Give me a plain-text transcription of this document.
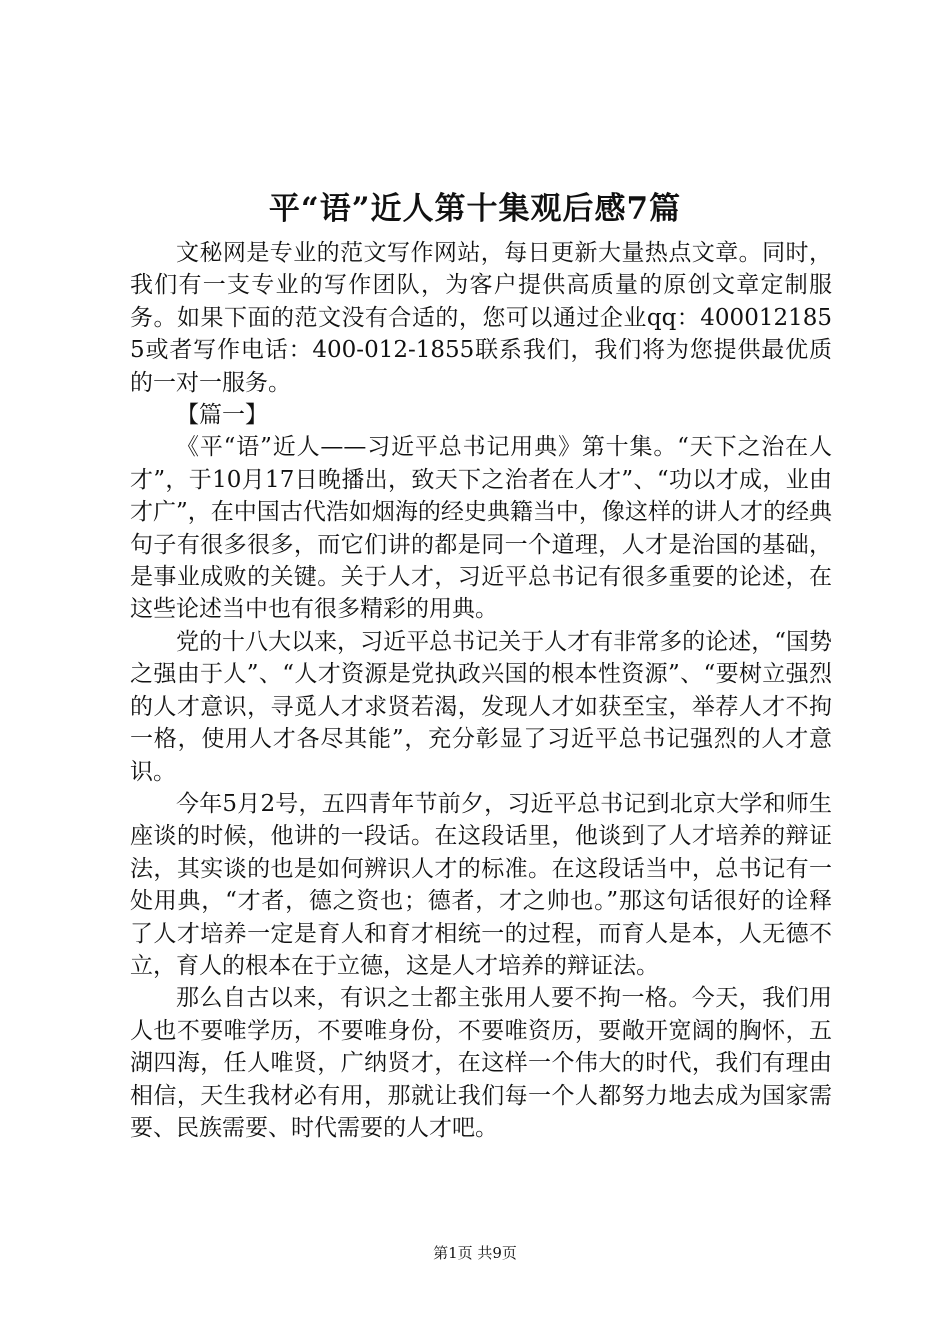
平“语”近人第十集观后感7篇

文秘网是专业的范文写作网站，每日更新大量热点文章。同时，我们有一支专业的写作团队，为客户提供高质量的原创文章定制服务。如果下面的范文没有合适的，您可以通过企业qq：4000121855或者写作电话：400-012-1855联系我们，我们将为您提供最优质的一对一服务。

【篇一】

《平“语”近人——习近平总书记用典》第十集。“天下之治在人才”，于10月17日晚播出，致天下之治者在人才”、“功以才成，业由才广”，在中国古代浩如烟海的经史典籍当中，像这样的讲人才的经典句子有很多很多，而它们讲的都是同一个道理，人才是治国的基础，是事业成败的关键。关于人才，习近平总书记有很多重要的论述，在这些论述当中也有很多精彩的用典。

党的十八大以来，习近平总书记关于人才有非常多的论述，“国势之强由于人”、“人才资源是党执政兴国的根本性资源”、“要树立强烈的人才意识，寻觅人才求贤若渴，发现人才如获至宝，举荐人才不拘一格，使用人才各尽其能”，充分彰显了习近平总书记强烈的人才意识。

今年5月2号，五四青年节前夕，习近平总书记到北京大学和师生座谈的时候，他讲的一段话。在这段话里，他谈到了人才培养的辩证法，其实谈的也是如何辨识人才的标准。在这段话当中，总书记有一处用典，“才者，德之资也；德者，才之帅也。”那这句话很好的诠释了人才培养一定是育人和育才相统一的过程，而育人是本，人无德不立，育人的根本在于立德，这是人才培养的辩证法。

那么自古以来，有识之士都主张用人要不拘一格。今天，我们用人也不要唯学历，不要唯身份，不要唯资历，要敞开宽阔的胸怀，五湖四海，任人唯贤，广纳贤才，在这样一个伟大的时代，我们有理由相信，天生我材必有用，那就让我们每一个人都努力地去成为国家需要、民族需要、时代需要的人才吧。

第1页 共9页
